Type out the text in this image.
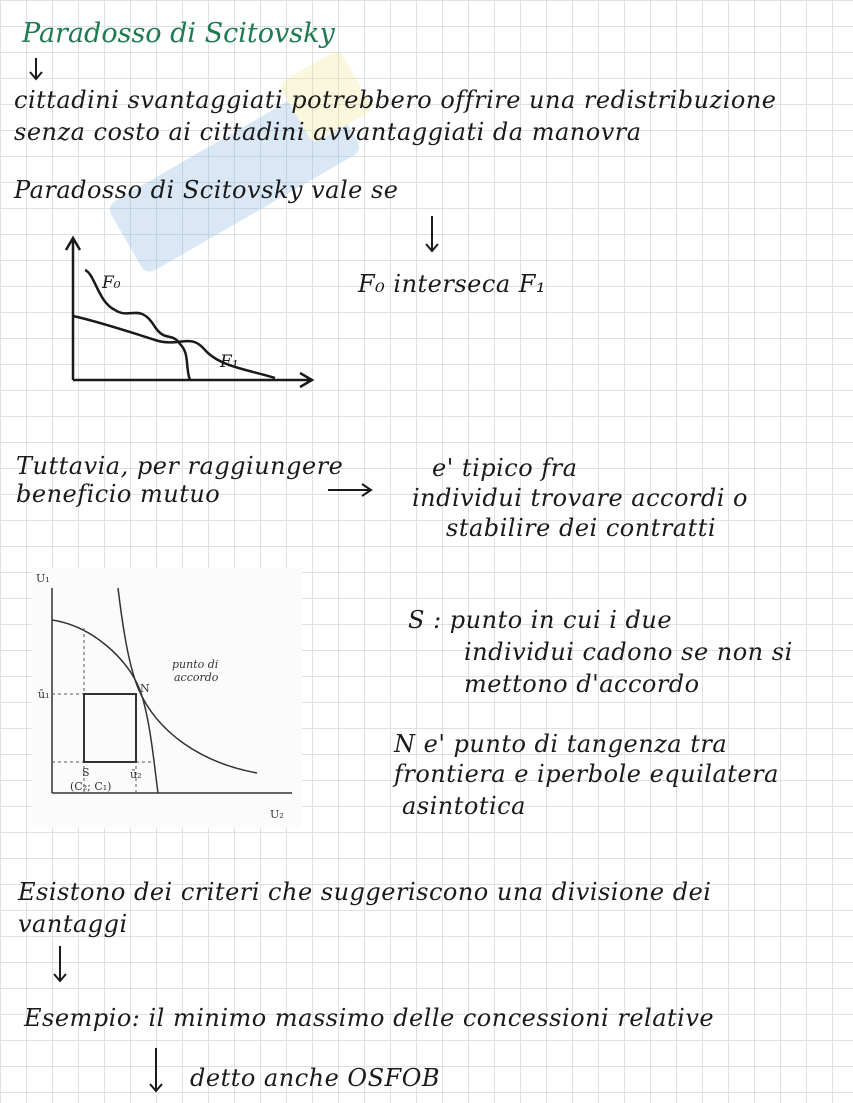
Paradosso di Scitovsky
cittadini svantaggiati potrebbero offrire una redistribuzione
senza costo ai cittadini avvantaggiati da manovra
Paradosso di Scitovsky vale se
F₀ interseca F₁
F₀
F₁
Tuttavia, per raggiungere
beneficio mutuo
e' tipico fra
individui trovare accordi o
stabilire dei contratti
U₁
U₂
N
punto di
accordo
ū₁
ū₂
S
(C₂; C₁)
S : punto in cui i due
individui cadono se non si
mettono d'accordo
N e' punto di tangenza tra
frontiera e iperbole equilatera
asintotica
Esistono dei criteri che suggeriscono una divisione dei
vantaggi
Esempio: il minimo massimo delle concessioni relative
detto anche OSFOB
